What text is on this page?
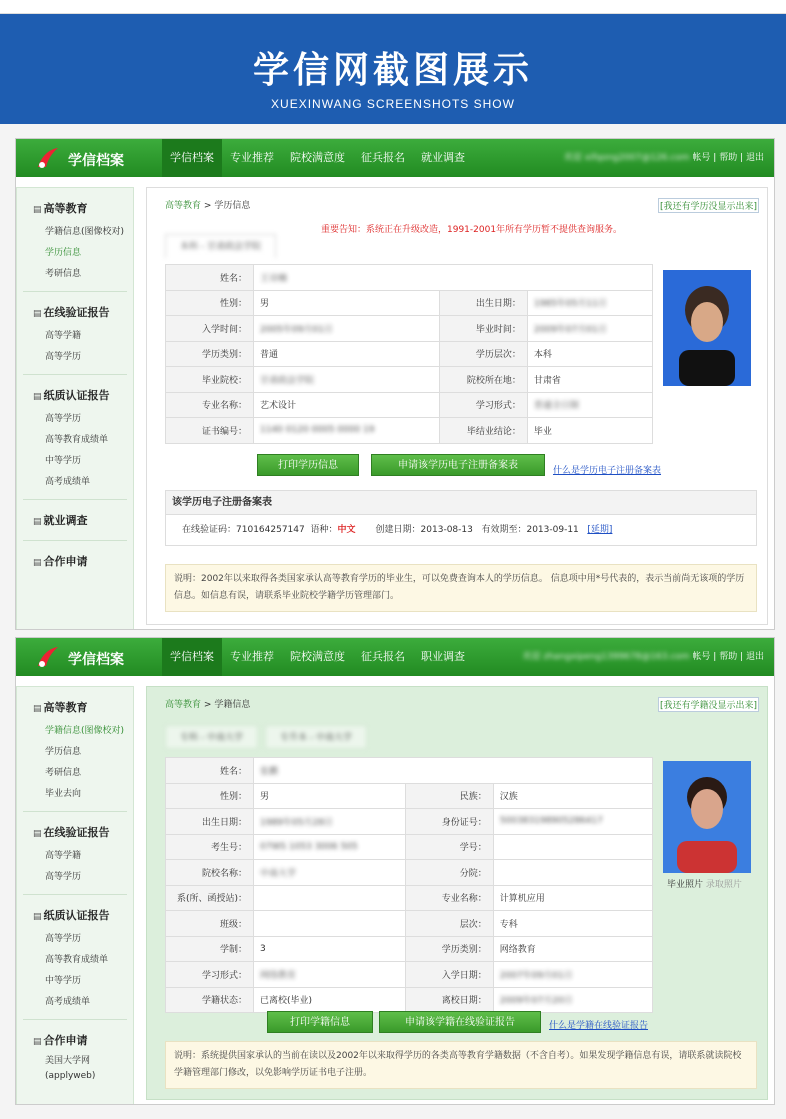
学信网截图展示
XUEXINWANG SCREENSHOTS SHOW
学信档案	学信档案	专业推荐	院校满意度	征兵报名	就业调查	欢迎 xifqong2007@126.com 帐号 | 帮助 | 退出
▤ 高等教育
学籍信息(图像校对)
学历信息
考研信息
▤ 在线验证报告
高等学籍
高等学历
▤ 纸质认证报告
高等学历
高等教育成绩单
中等学历
高考成绩单
▤ 就业调查
▤ 合作申请
高等教育 > 学历信息	[我还有学历没显示出来]
重要告知：系统正在升级改造，1991-2001年所有学历暂不提供查询服务。
本科 - 甘肃政法学院
姓名：	王诗楠		
性别：	男	出生日期：	1985年05月11日
入学时间：	2005年09月01日	毕业时间：	2009年07月01日
学历类别：	普通	学历层次：	本科
毕业院校：	甘肃政法学院	院校所在地：	甘肃省
专业名称：	艺术设计	学习形式：	普通全日制
证书编号：	1140 0120 0005 0000 19	毕结业结论：	毕业
打印学历信息	申请该学历电子注册备案表	什么是学历电子注册备案表
该学历电子注册备案表
在线验证码：710164257147 语种：中文 创建日期：2013-08-13 有效期至：2013-09-11 [延期]
说明：2002年以来取得各类国家承认高等教育学历的毕业生，可以免费查询本人的学历信息。 信息项中用*号代表的，表示当前尚无该项的学历信息。如信息有误，请联系毕业院校学籍学历管理部门。
学信档案	学信档案	专业推荐	院校满意度	征兵报名	职业调查	欢迎 zhangxipeng1399678@163.com 帐号 | 帮助 | 退出
▤ 高等教育
学籍信息(图像校对)
学历信息
考研信息
毕业去向
▤ 在线验证报告
高等学籍
高等学历
▤ 纸质认证报告
高等学历
高等教育成绩单
中等学历
高考成绩单
▤ 合作申请
美国大学网
(applyweb)
高等教育 > 学籍信息	[我还有学籍没显示出来]
专科 - 中南大学	专升本 - 中南大学
姓名：	张鹏		
性别：	男	民族：	汉族
出生日期：	1989年05月28日	身份证号：	500383198905286417
考生号：	07WS 1053 3006 505	学号：	
院校名称：	中南大学	分院：	
系(所、函授站)：		专业名称：	计算机应用
班级：		层次：	专科
学制：	3	学历类别：	网络教育
学习形式：	网络教育	入学日期：	2007年09月01日
学籍状态：	已离校(毕业)	离校日期：	2009年07月20日
毕业照片 录取照片
打印学籍信息	申请该学籍在线验证报告	什么是学籍在线验证报告
说明：系统提供国家承认的当前在读以及2002年以来取得学历的各类高等教育学籍数据（不含自考）。如果发现学籍信息有误，请联系就读院校学籍管理部门修改，以免影响学历证书电子注册。
